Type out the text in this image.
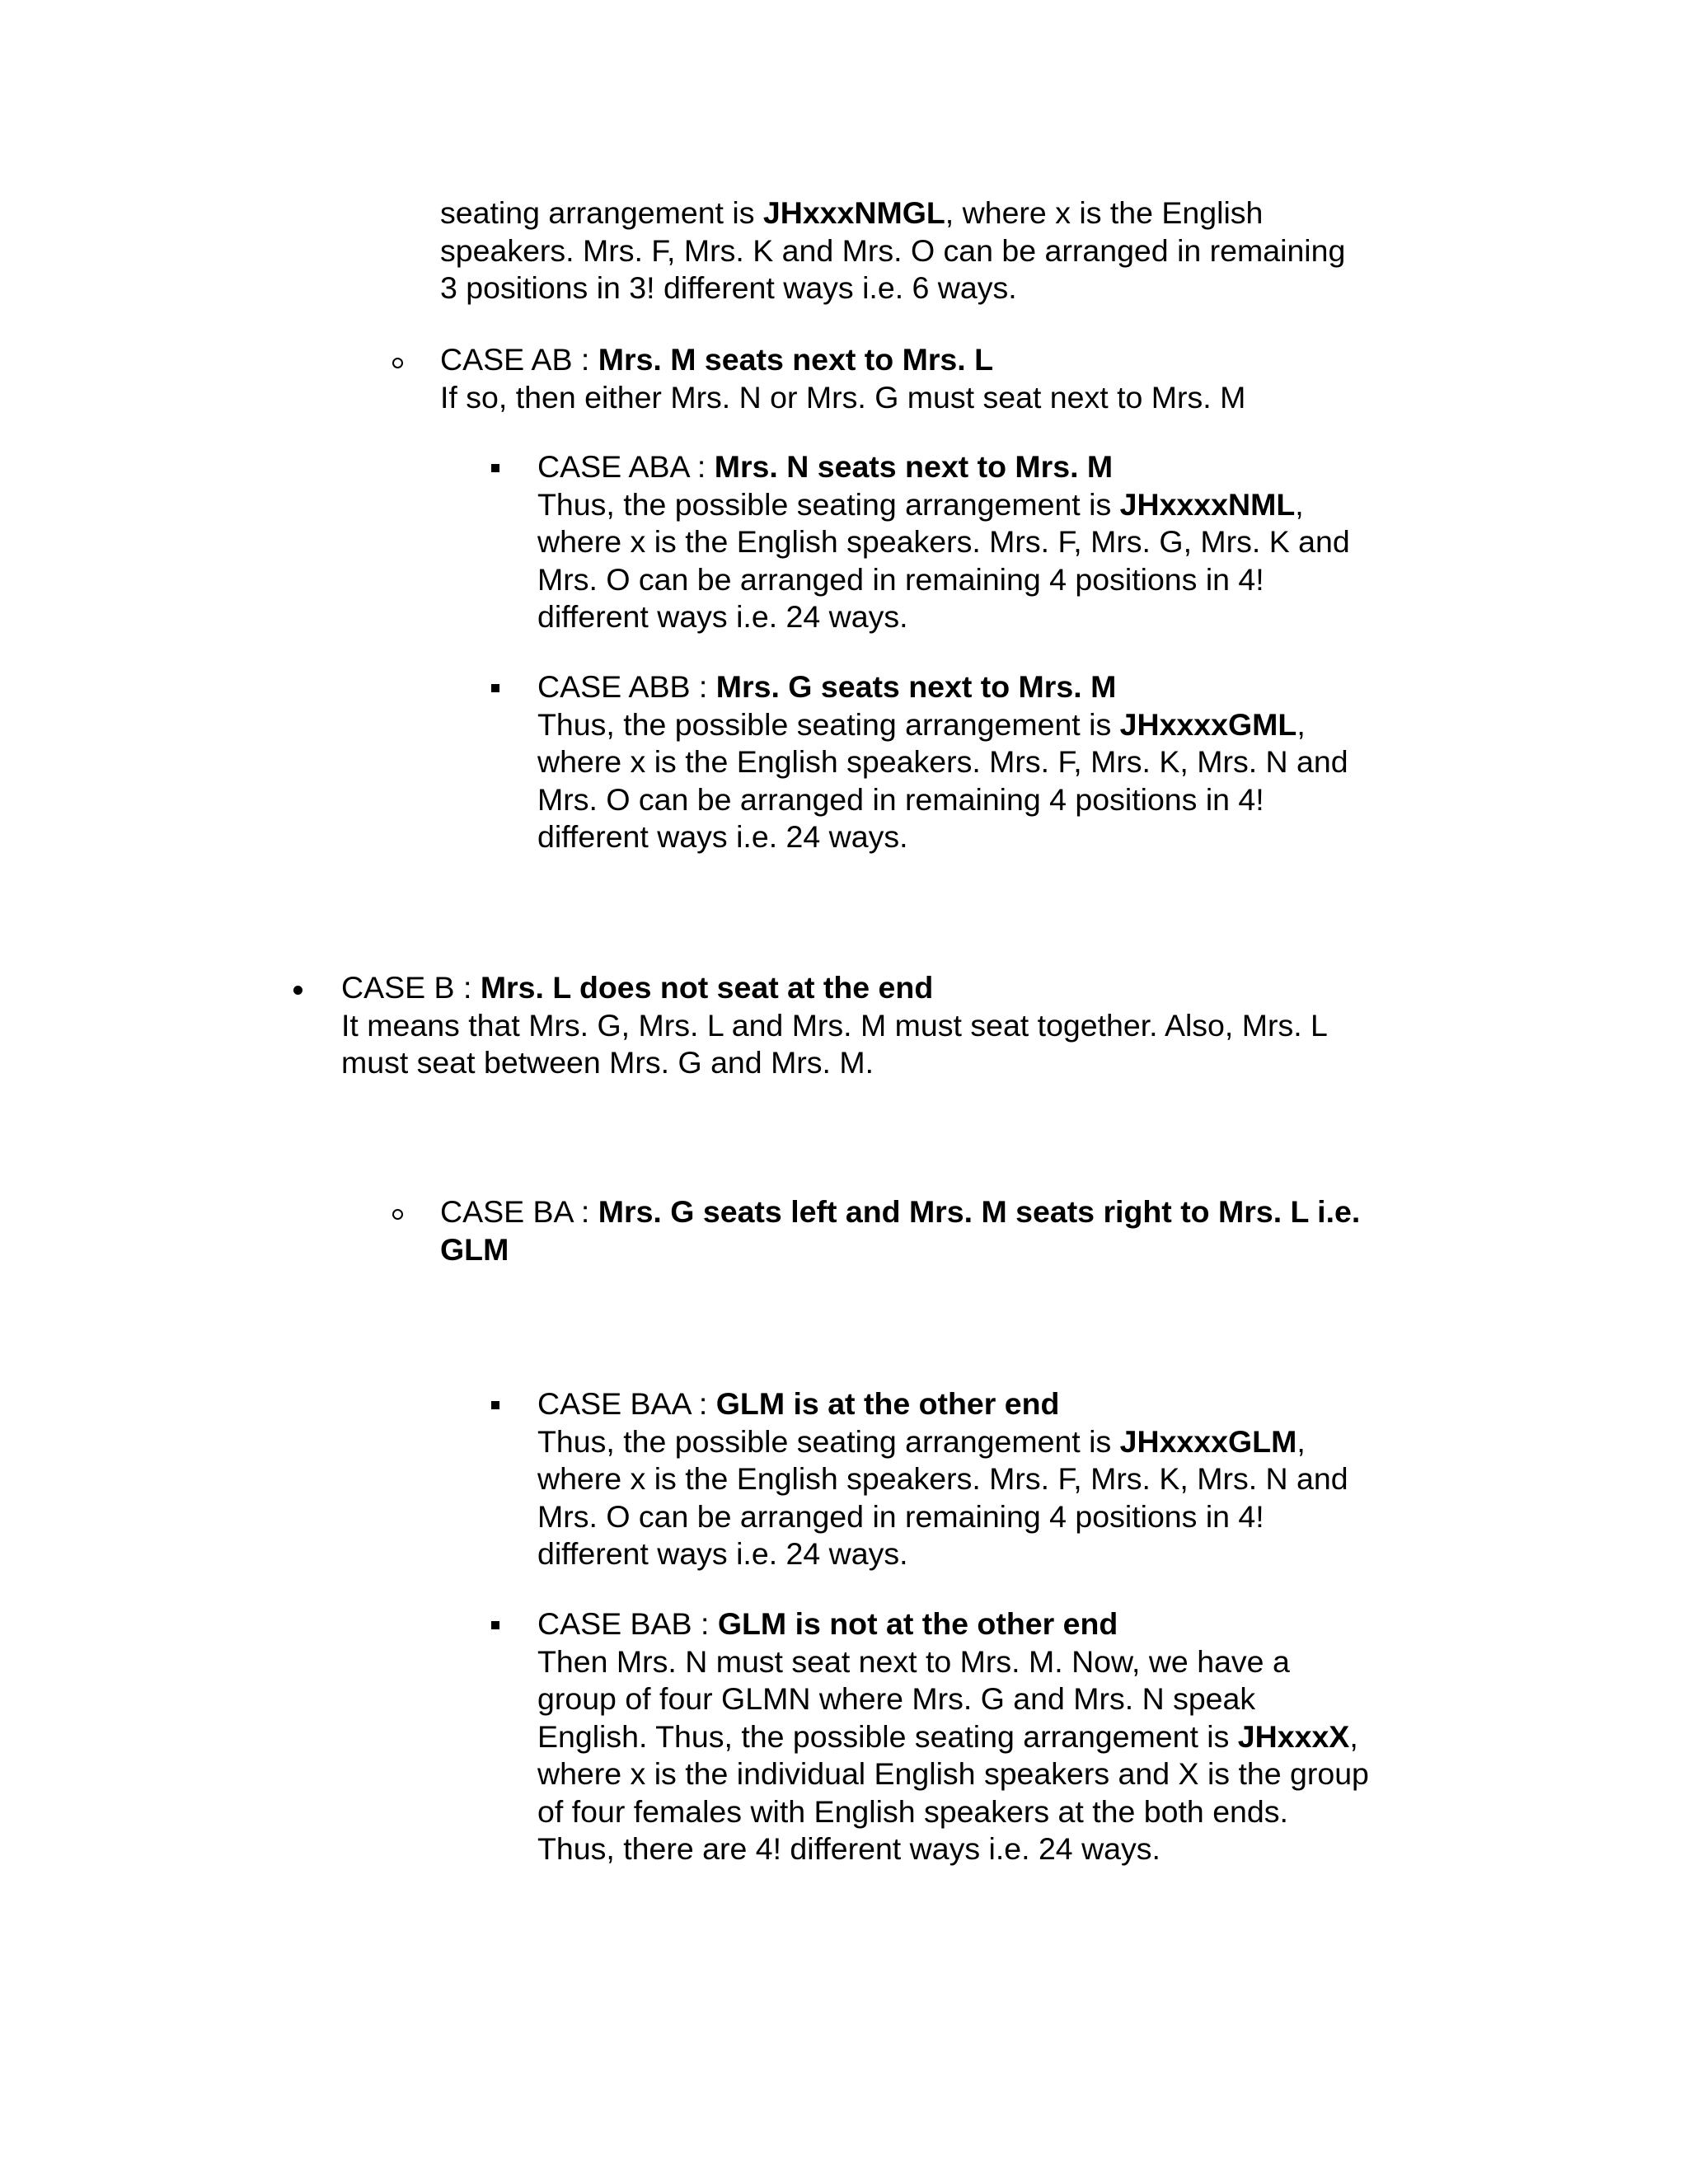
seating arrangement is JHxxxNMGL, where x is the English
speakers. Mrs. F, Mrs. K and Mrs. O can be arranged in remaining
3 positions in 3! different ways i.e. 6 ways.
CASE AB : Mrs. M seats next to Mrs. L
If so, then either Mrs. N or Mrs. G must seat next to Mrs. M
CASE ABA : Mrs. N seats next to Mrs. M
Thus, the possible seating arrangement is JHxxxxNML,
where x is the English speakers. Mrs. F, Mrs. G, Mrs. K and
Mrs. O can be arranged in remaining 4 positions in 4!
different ways i.e. 24 ways.
CASE ABB : Mrs. G seats next to Mrs. M
Thus, the possible seating arrangement is JHxxxxGML,
where x is the English speakers. Mrs. F, Mrs. K, Mrs. N and
Mrs. O can be arranged in remaining 4 positions in 4!
different ways i.e. 24 ways.
CASE B : Mrs. L does not seat at the end
It means that Mrs. G, Mrs. L and Mrs. M must seat together. Also, Mrs. L
must seat between Mrs. G and Mrs. M.
CASE BA : Mrs. G seats left and Mrs. M seats right to Mrs. L i.e.
GLM
CASE BAA : GLM is at the other end
Thus, the possible seating arrangement is JHxxxxGLM,
where x is the English speakers. Mrs. F, Mrs. K, Mrs. N and
Mrs. O can be arranged in remaining 4 positions in 4!
different ways i.e. 24 ways.
CASE BAB : GLM is not at the other end
Then Mrs. N must seat next to Mrs. M. Now, we have a
group of four GLMN where Mrs. G and Mrs. N speak
English. Thus, the possible seating arrangement is JHxxxX,
where x is the individual English speakers and X is the group
of four females with English speakers at the both ends.
Thus, there are 4! different ways i.e. 24 ways.
